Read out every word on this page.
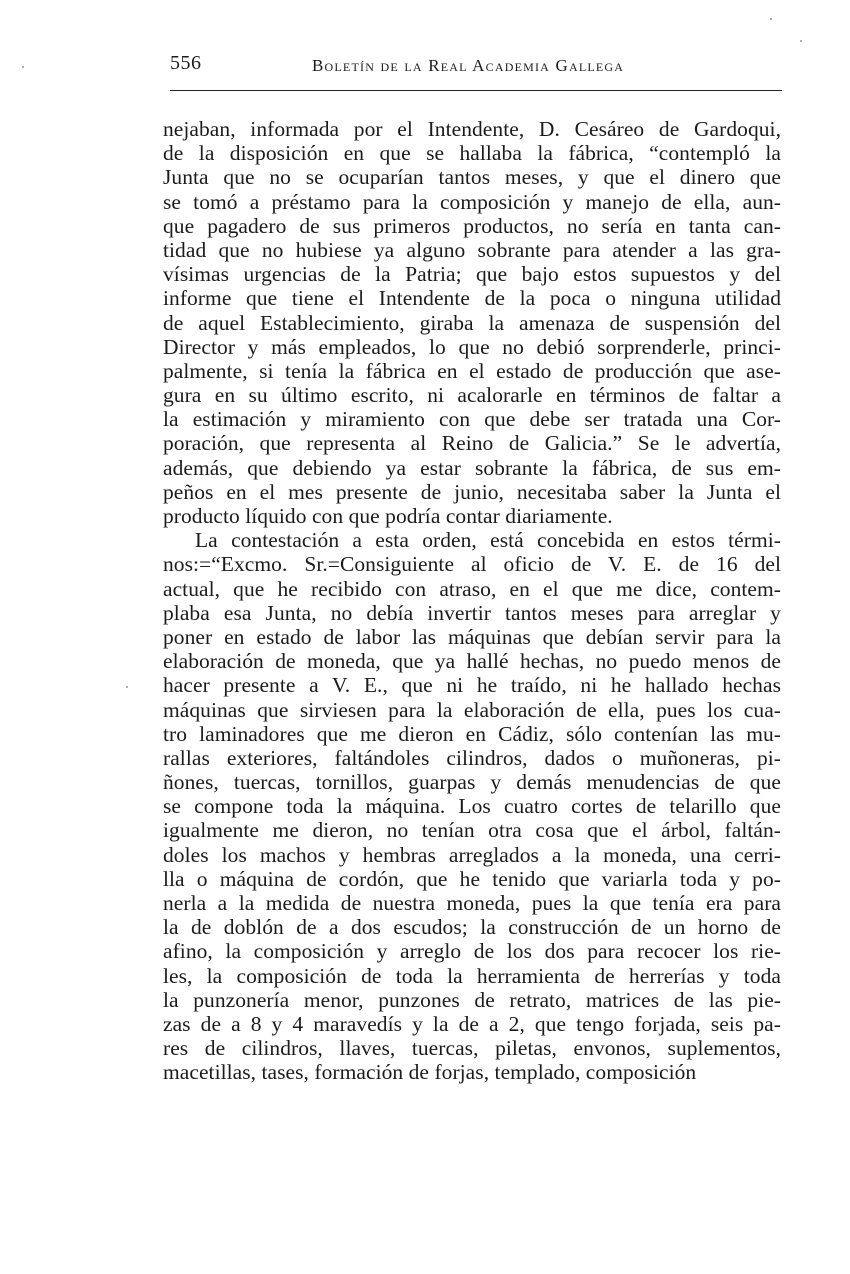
556	Boletín de la Real Academia Gallega
nejaban, informada por el Intendente, D. Cesáreo de Gardoqui,
de la disposición en que se hallaba la fábrica, “contempló la
Junta que no se ocuparían tantos meses, y que el dinero que
se tomó a préstamo para la composición y manejo de ella, aun-
que pagadero de sus primeros productos, no sería en tanta can-
tidad que no hubiese ya alguno sobrante para atender a las gra-
vísimas urgencias de la Patria; que bajo estos supuestos y del
informe que tiene el Intendente de la poca o ninguna utilidad
de aquel Establecimiento, giraba la amenaza de suspensión del
Director y más empleados, lo que no debió sorprenderle, princi-
palmente, si tenía la fábrica en el estado de producción que ase-
gura en su último escrito, ni acalorarle en términos de faltar a
la estimación y miramiento con que debe ser tratada una Cor-
poración, que representa al Reino de Galicia.” Se le advertía,
además, que debiendo ya estar sobrante la fábrica, de sus em-
peños en el mes presente de junio, necesitaba saber la Junta el
producto líquido con que podría contar diariamente.
La contestación a esta orden, está concebida en estos térmi-
nos:=“Excmo. Sr.=Consiguiente al oficio de V. E. de 16 del
actual, que he recibido con atraso, en el que me dice, contem-
plaba esa Junta, no debía invertir tantos meses para arreglar y
poner en estado de labor las máquinas que debían servir para la
elaboración de moneda, que ya hallé hechas, no puedo menos de
hacer presente a V. E., que ni he traído, ni he hallado hechas
máquinas que sirviesen para la elaboración de ella, pues los cua-
tro laminadores que me dieron en Cádiz, sólo contenían las mu-
rallas exteriores, faltándoles cilindros, dados o muñoneras, pi-
ñones, tuercas, tornillos, guarpas y demás menudencias de que
se compone toda la máquina. Los cuatro cortes de telarillo que
igualmente me dieron, no tenían otra cosa que el árbol, faltán-
doles los machos y hembras arreglados a la moneda, una cerri-
lla o máquina de cordón, que he tenido que variarla toda y po-
nerla a la medida de nuestra moneda, pues la que tenía era para
la de doblón de a dos escudos; la construcción de un horno de
afino, la composición y arreglo de los dos para recocer los rie-
les, la composición de toda la herramienta de herrerías y toda
la punzonería menor, punzones de retrato, matrices de las pie-
zas de a 8 y 4 maravedís y la de a 2, que tengo forjada, seis pa-
res de cilindros, llaves, tuercas, piletas, envonos, suplementos,
macetillas, tases, formación de forjas, templado, composición
